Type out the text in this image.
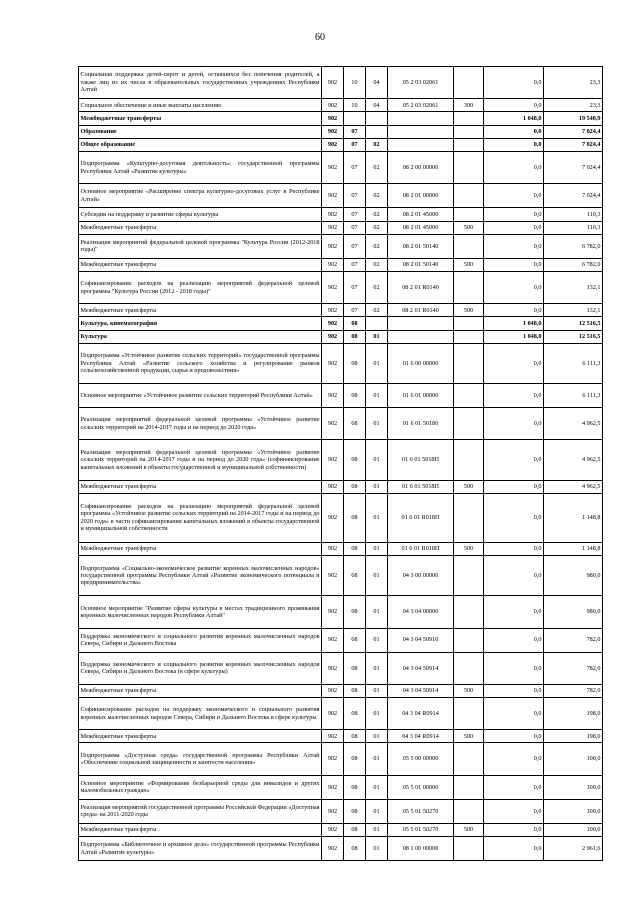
60
Социальная поддержка детей-сирот и детей, оставшихся без попечения родителей, а также лиц из их числа в образовательных государственных учреждениях Республики Алтай	902	10	04	05 2 03 02061		0,0	23,3
Социальное обеспечение и иные выплаты населению	902	10	04	05 2 03 02061	300	0,0	23,3
Межбюджетные трансферты	902					1 048,0	19 540,9
Образование	902	07				0,0	7 024,4
Общее образование	902	07	02			0,0	7 024,4
Подпрограмма «Культурно-досуговая деятельность» государственной программы Республики Алтай «Развитие культуры»	902	07	02	08 2 00 00000		0,0	7 024,4
Основное мероприятие «Расширение спектра культурно-досуговых услуг в Республике Алтай»	902	07	02	08 2 01 00000		0,0	7 024,4
Субсидии на поддержку и развитие сферы культуры	902	07	02	08 2 01 45000		0,0	110,3
Межбюджетные трансферты	902	07	02	08 2 01 45000	500	0,0	110,3
Реализация мероприятий федеральной целевой программы "Культура России (2012-2018 годы)"	902	07	02	08 2 01 50140		0,0	6 782,0
Межбюджетные трансферты	902	07	02	08 2 01 50140	500	0,0	6 782,0
Софинансирование расходов на реализацию мероприятий федеральной целевой программы "Культура России (2012 - 2018 годы)"	902	07	02	08 2 01 R0140		0,0	132,1
Межбюджетные трансферты	902	07	02	08 2 01 R0140	500	0,0	132,1
Культура, кинематография	902	08				1 048,0	12 516,5
Культура	902	08	01			1 048,0	12 516,5
Подпрограмма «Устойчивое развитие сельских территорий» государственной программы Республики Алтай «Развитие сельского хозяйства и регулирование рынков сельскохозяйственной продукции, сырья и продовольствия»	902	08	01	01 6 00 00000		0,0	6 111,3
Основное мероприятие «Устойчивое развитие сельских территорий Республики Алтай»	902	08	01	01 6 01 00000		0,0	6 111,3
Реализация мероприятий федеральной целевой программы «Устойчивое развитие сельских территорий на 2014-2017 годы и на период до 2020 года»	902	08	01	01 6 01 50180		0,0	4 962,5
Реализация мероприятий федеральной целевой программы «Устойчивое развитие сельских территорий на 2014-2017 годы и на период до 2020 года» (софинансирование капитальных вложений в объекты государственной и муниципальной собственности)	902	08	01	01 6 01 5018П		0,0	4 962,5
Межбюджетные трансферты	902	08	01	01 6 01 5018П	500	0,0	4 962,5
Софинансирование расходов на реализацию мероприятий федеральной целевой программы «Устойчивое развитие сельских территорий на 2014-2017 годы и на период до 2020 года» в части софинансирования капитальных вложений в объекты государственной и муниципальной собственности	902	08	01	01 6 01 R018П		0,0	1 148,8
Межбюджетные трансферты	902	08	01	01 6 01 R018П	500	0,0	1 148,8
Подпрограмма «Социально-экономическое развитие коренных малочисленных народов» государственной программы Республики Алтай «Развитие экономического потенциала и предпринимательства»	902	08	01	04 3 00 00000		0,0	980,0
Основное мероприятие "Развитие сферы культуры в местах традиционного проживания коренных малочисленных народов Республики Алтай"	902	08	01	04 3 04 00000		0,0	980,0
Поддержка экономического и социального развития коренных малочисленных народов Севера, Сибири и Дальнего Востока	902	08	01	04 3 04 50910		0,0	782,0
Поддержка экономического и социального развития коренных малочисленных народов Севера, Сибири и Дальнего Востока (в сфере культуры)	902	08	01	04 3 04 50914		0,0	782,0
Межбюджетные трансферты	902	08	01	04 3 04 50914	500	0,0	782,0
Софинансирование расходов на поддержку экономического и социального развития коренных малочисленных народов Севера, Сибири и Дальнего Востока в сфере культуры	902	08	01	04 3 04 R0914		0,0	198,0
Межбюджетные трансферты	902	08	01	04 3 04 R0914	500	0,0	198,0
Подпрограмма «Доступная среда» государственной программы Республики Алтай «Обеспечение социальной защищенности и занятости населения»	902	08	01	05 5 00 00000		0,0	100,0
Основное мероприятие «Формирование безбарьерной среды для инвалидов и других маломобильных граждан»	902	08	01	05 5 01 00000		0,0	100,0
Реализация мероприятий государственной программы Российской Федерации «Доступная среда» на 2011-2020 годы	902	08	01	05 5 01 50270		0,0	100,0
Межбюджетные трансферты	902	08	01	05 5 01 50270	500	0,0	100,0
Подпрограмма «Библиотечное и архивное дело» государственной программы Республики Алтай «Развитие культуры»	902	08	01	08 1 00 00000		0,0	2 961,6
